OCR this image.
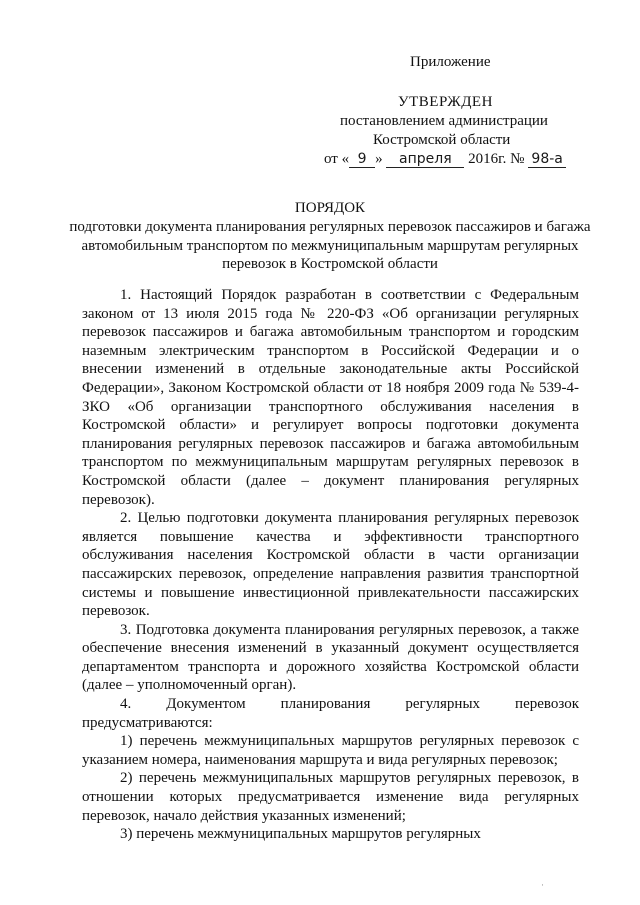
Приложение
УТВЕРЖДЕН
постановлением администрации
Костромской области
от « 9 » апреля 2016г. № 98-а
ПОРЯДОК
подготовки документа планирования регулярных перевозок пассажиров и багажа автомобильным транспортом по межмуниципальным маршрутам регулярных перевозок в Костромской области

1. Настоящий Порядок разработан в соответствии с Федеральным законом от 13 июля 2015 года № 220-ФЗ «Об организации регулярных перевозок пассажиров и багажа автомобильным транспортом и городским наземным электрическим транспортом в Российской Федерации и о внесении изменений в отдельные законодательные акты Российской Федерации», Законом Костромской области от 18 ноября 2009 года № 539-4-ЗКО «Об организации транспортного обслуживания населения в Костромской области» и регулирует вопросы подготовки документа планирования регулярных перевозок пассажиров и багажа автомобильным транспортом по межмуниципальным маршрутам регулярных перевозок в Костромской области (далее – документ планирования регулярных перевозок).

2. Целью подготовки документа планирования регулярных перевозок является повышение качества и эффективности транспортного обслуживания населения Костромской области в части организации пассажирских перевозок, определение направления развития транспортной системы и повышение инвестиционной привлекательности пассажирских перевозок.

3. Подготовка документа планирования регулярных перевозок, а также обеспечение внесения изменений в указанный документ осуществляется департаментом транспорта и дорожного хозяйства Костромской области (далее – уполномоченный орган).

4. Документом планирования регулярных перевозок предусматриваются:

1) перечень межмуниципальных маршрутов регулярных перевозок с указанием номера, наименования маршрута и вида регулярных перевозок;

2) перечень межмуниципальных маршрутов регулярных перевозок, в отношении которых предусматривается изменение вида регулярных перевозок, начало действия указанных изменений;

3) перечень межмуниципальных маршрутов регулярных

·
